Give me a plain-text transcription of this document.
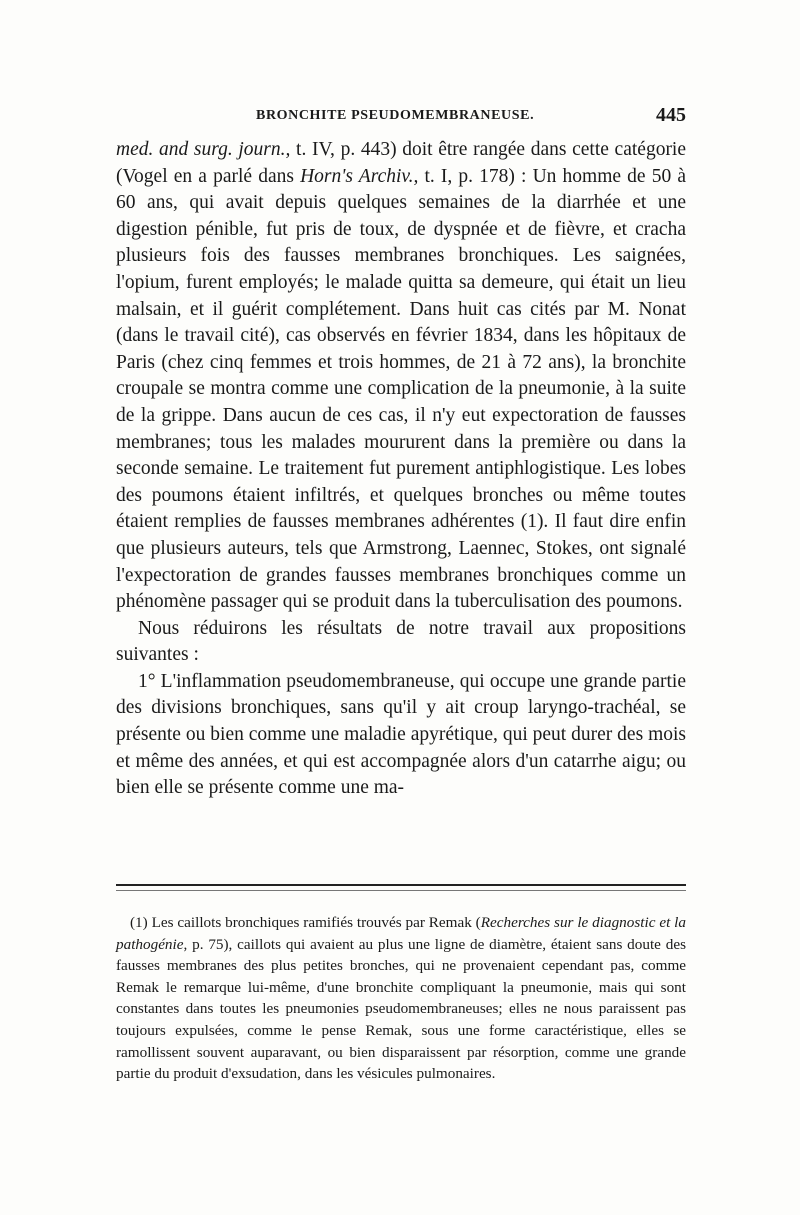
BRONCHITE PSEUDOMEMBRANEUSE.	445

med. and surg. journ., t. IV, p. 443) doit être rangée dans cette catégorie (Vogel en a parlé dans Horn's Archiv., t. I, p. 178) : Un homme de 50 à 60 ans, qui avait depuis quelques semaines de la diarrhée et une digestion pénible, fut pris de toux, de dyspnée et de fièvre, et cracha plusieurs fois des fausses membranes bronchiques. Les saignées, l'opium, furent employés; le malade quitta sa demeure, qui était un lieu malsain, et il guérit complétement. Dans huit cas cités par M. Nonat (dans le travail cité), cas observés en février 1834, dans les hôpitaux de Paris (chez cinq femmes et trois hommes, de 21 à 72 ans), la bronchite croupale se montra comme une complication de la pneumonie, à la suite de la grippe. Dans aucun de ces cas, il n'y eut expectoration de fausses membranes; tous les malades moururent dans la première ou dans la seconde semaine. Le traitement fut purement antiphlogistique. Les lobes des poumons étaient infiltrés, et quelques bronches ou même toutes étaient remplies de fausses membranes adhérentes (1). Il faut dire enfin que plusieurs auteurs, tels que Armstrong, Laennec, Stokes, ont signalé l'expectoration de grandes fausses membranes bronchiques comme un phénomène passager qui se produit dans la tuberculisation des poumons.

Nous réduirons les résultats de notre travail aux propositions suivantes :

1° L'inflammation pseudomembraneuse, qui occupe une grande partie des divisions bronchiques, sans qu'il y ait croup laryngo-trachéal, se présente ou bien comme une maladie apyrétique, qui peut durer des mois et même des années, et qui est accompagnée alors d'un catarrhe aigu; ou bien elle se présente comme une ma-

(1) Les caillots bronchiques ramifiés trouvés par Remak (Recherches sur le diagnostic et la pathogénie, p. 75), caillots qui avaient au plus une ligne de diamètre, étaient sans doute des fausses membranes des plus petites bronches, qui ne provenaient cependant pas, comme Remak le remarque lui-même, d'une bronchite compliquant la pneumonie, mais qui sont constantes dans toutes les pneumonies pseudomembraneuses; elles ne nous paraissent pas toujours expulsées, comme le pense Remak, sous une forme caractéristique, elles se ramollissent souvent auparavant, ou bien disparaissent par résorption, comme une grande partie du produit d'exsudation, dans les vésicules pulmonaires.
